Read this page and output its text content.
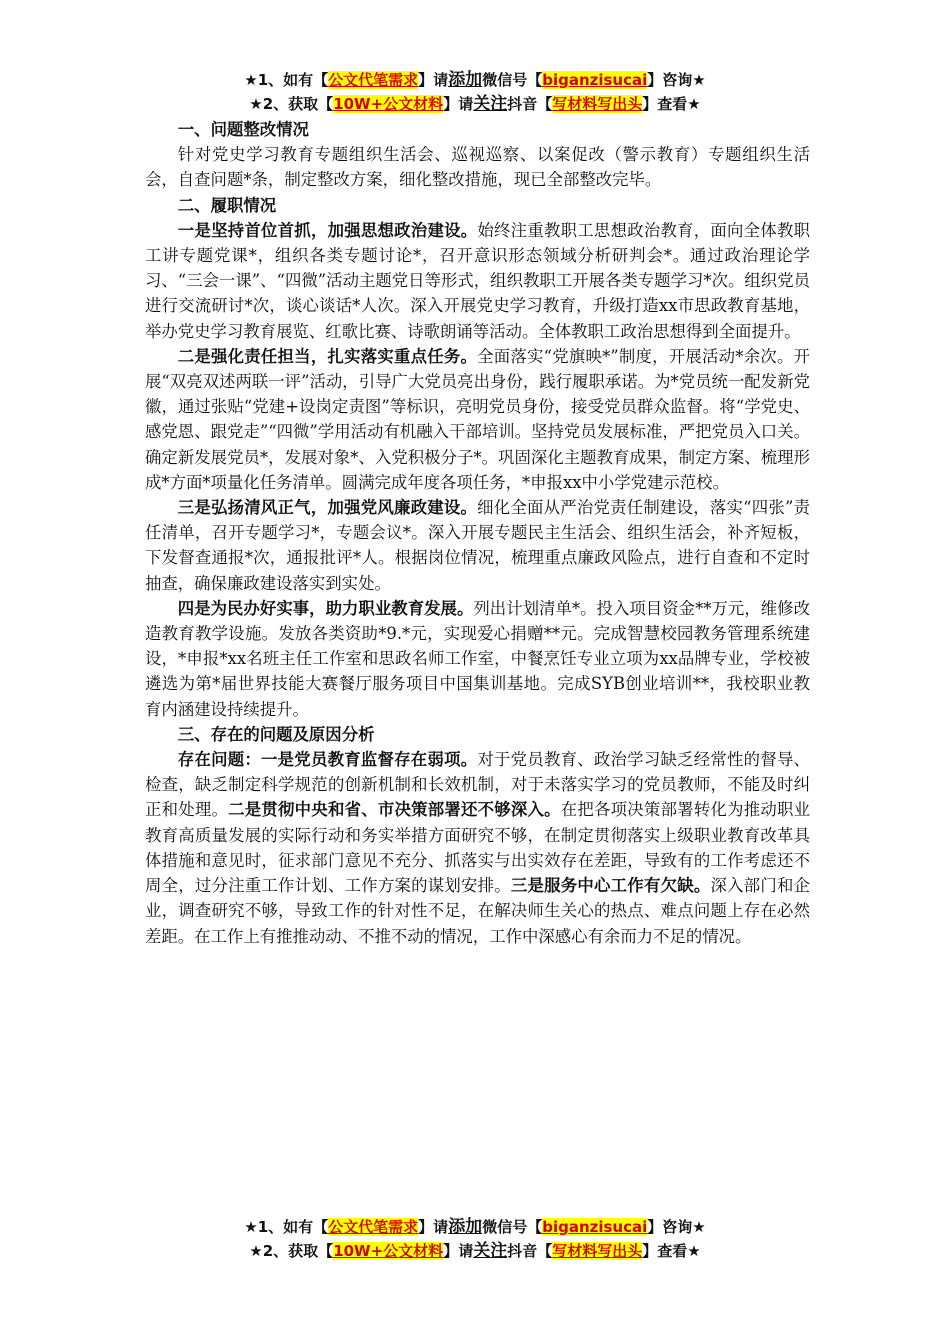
★1、如有【公文代笔需求】请添加微信号【biganzisucai】咨询★
★2、获取【10W+公文材料】请关注抖音【写材料写出头】查看★

一、问题整改情况

针对党史学习教育专题组织生活会、巡视巡察、以案促改（警示教育）专题组织生活会，自查问题*条，制定整改方案，细化整改措施，现已全部整改完毕。

二、履职情况

一是坚持首位首抓，加强思想政治建设。始终注重教职工思想政治教育，面向全体教职工讲专题党课*，组织各类专题讨论*，召开意识形态领域分析研判会*。通过政治理论学习、“三会一课”、“四微”活动主题党日等形式，组织教职工开展各类专题学习*次。组织党员进行交流研讨*次，谈心谈话*人次。深入开展党史学习教育，升级打造xx市思政教育基地，举办党史学习教育展览、红歌比赛、诗歌朗诵等活动。全体教职工政治思想得到全面提升。

二是强化责任担当，扎实落实重点任务。全面落实“党旗映*”制度，开展活动*余次。开展“双亮双述两联一评”活动，引导广大党员亮出身份，践行履职承诺。为*党员统一配发新党徽，通过张贴“党建+设岗定责图”等标识，亮明党员身份，接受党员群众监督。将“学党史、感党恩、跟党走”“四微”学用活动有机融入干部培训。坚持党员发展标准，严把党员入口关。确定新发展党员*，发展对象*、入党积极分子*。巩固深化主题教育成果，制定方案、梳理形成*方面*项量化任务清单。圆满完成年度各项任务，*申报xx中小学党建示范校。

三是弘扬清风正气，加强党风廉政建设。细化全面从严治党责任制建设，落实“四张”责任清单，召开专题学习*，专题会议*。深入开展专题民主生活会、组织生活会，补齐短板，下发督查通报*次，通报批评*人。根据岗位情况，梳理重点廉政风险点，进行自查和不定时抽查，确保廉政建设落实到实处。

四是为民办好实事，助力职业教育发展。列出计划清单*。投入项目资金**万元，维修改造教育教学设施。发放各类资助*9.*元，实现爱心捐赠**元。完成智慧校园教务管理系统建设，*申报*xx名班主任工作室和思政名师工作室，中餐烹饪专业立项为xx品牌专业，学校被遴选为第*届世界技能大赛餐厅服务项目中国集训基地。完成SYB创业培训**，我校职业教育内涵建设持续提升。

三、存在的问题及原因分析

存在问题：一是党员教育监督存在弱项。对于党员教育、政治学习缺乏经常性的督导、检查，缺乏制定科学规范的创新机制和长效机制，对于未落实学习的党员教师，不能及时纠正和处理。二是贯彻中央和省、市决策部署还不够深入。在把各项决策部署转化为推动职业教育高质量发展的实际行动和务实举措方面研究不够，在制定贯彻落实上级职业教育改革具体措施和意见时，征求部门意见不充分、抓落实与出实效存在差距，导致有的工作考虑还不周全，过分注重工作计划、工作方案的谋划安排。三是服务中心工作有欠缺。深入部门和企业，调查研究不够，导致工作的针对性不足，在解决师生关心的热点、难点问题上存在必然差距。在工作上有推推动动、不推不动的情况，工作中深感心有余而力不足的情况。

★1、如有【公文代笔需求】请添加微信号【biganzisucai】咨询★
★2、获取【10W+公文材料】请关注抖音【写材料写出头】查看★
